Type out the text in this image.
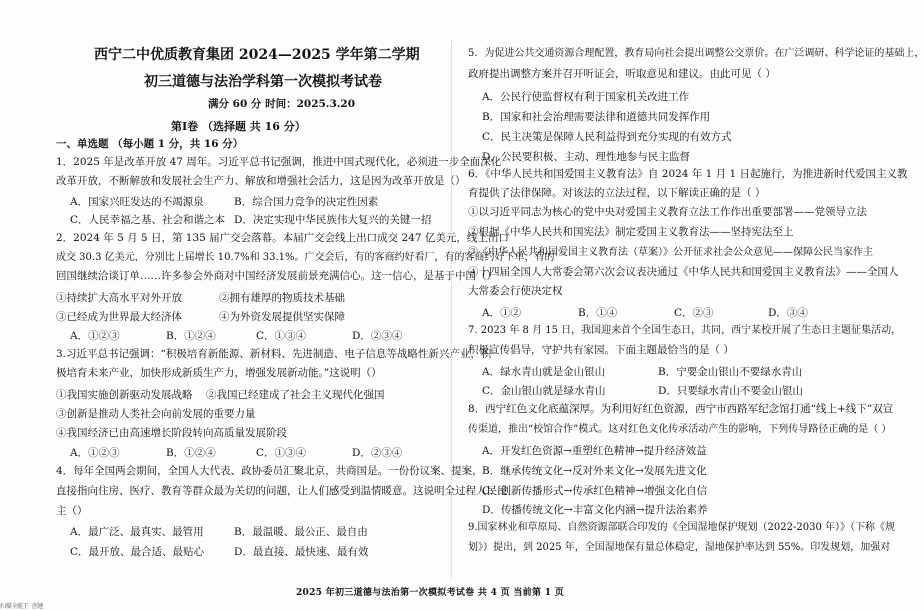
西宁二中优质教育集团 2024—2025 学年第二学期
初三道德与法治学科第一次模拟考试卷
满分 60 分 时间：2025.3.20
第Ⅰ卷 （选择题 共 16 分）
一、单选题 （每小题 1 分，共 16 分）
1．2025 年是改革开放 47 周年。习近平总书记强调，推进中国式现代化，必须进一步全面深化
改革开放，不断解放和发展社会生产力、解放和增强社会活力，这是因为改革开放是（）
A．国家兴旺发达的不竭源泉	B．综合国力竞争的决定性因素
C．人民幸福之基、社会和谐之本 D．决定实现中华民族伟大复兴的关键一招
2．2024 年 5 月 5 日，第 135 届广交会落幕。本届广交会线上出口成交 247 亿美元，线上出口
成交 30.3 亿美元，分别比上届增长 10.7%和 33.1%。广交会后，有的客商约好看厂，有的客商约好下单，有的
回国继续洽谈订单……许多参会外商对中国经济发展前景充满信心。这一信心，是基于中国（）
①持续扩大高水平对外开放	②拥有雄厚的物质技术基础
③已经成为世界最大经济体	④为外资发展提供坚实保障
A．①②③	B．①②④	C．①③④	D．②③④
3.习近平总书记强调：“积极培育新能源、新材料、先进制造、电子信息等战略性新兴产业，积
极培育未来产业，加快形成新质生产力，增强发展新动能。”这说明（）
①我国实施创新驱动发展战略 ②我国已经建成了社会主义现代化强国
③创新是推动人类社会向前发展的重要力量
④我国经济已由高速增长阶段转向高质量发展阶段
A．①②③	B．①②④	C．①③④	D．②③④
4．每年全国两会期间，全国人大代表、政协委员汇聚北京，共商国是。一份份议案、提案，
直接指向住房、医疗、教育等群众最为关切的问题，让人们感受到温情暖意。这说明全过程人民民
主（）
A．最广泛、最真实、最管用	B．最温暖、最公正、最自由
C．最开放、最合适、最贴心	D．最直接、最快速、最有效
5．为促进公共交通资源合理配置，教育局向社会提出调整公交票价。在广泛调研、科学论证的基础上，
政府提出调整方案并召开听证会，听取意见和建议。由此可见（ ）
A．公民行使监督权有利于国家机关改进工作
B．国家和社会治理需要法律和道德共同发挥作用
C．民主决策是保障人民利益得到充分实现的有效方式
D．公民要积极、主动、理性地参与民主监督
6．《中华人民共和国爱国主义教育法》自 2024 年 1 月 1 日起施行，为推进新时代爱国主义教
育提供了法律保障。对该法的立法过程，以下解读正确的是（ ）
①以习近平同志为核心的党中央对爱国主义教育立法工作作出重要部署——党领导立法
②根据《中华人民共和国宪法》制定爱国主义教育法——坚持宪法至上
③《中华人民共和国爱国主义教育法（草案）》公开征求社会公众意见——保障公民当家作主
④十四届全国人大常委会第六次会议表决通过《中华人民共和国爱国主义教育法》——全国人
大常委会行使决定权
A．①②	B．①④	C．②③	D．③④
7. 2023 年 8 月 15 日，我国迎来首个全国生态日，共同，西宁某校开展了生态日主题征集活动，
积极宣传倡导，守护共有家园。下面主题最恰当的是（ ）
A．绿水青山就是金山银山	B．宁要金山银山不要绿水青山
C．金山银山就是绿水青山	D．只要绿水青山不要金山银山
8．西宁红色文化底蕴深厚。为利用好红色资源，西宁市西路军纪念馆打通“线上+线下”双宣
传渠道，推出“校馆合作”模式。这对红色文化传承活动产生的影响，下列传导路径正确的是（ ）
A．开发红色资源→重塑红色精神→提升经济效益
B．继承传统文化→反对外来文化→发展先进文化
C．创新传播形式→传承红色精神→增强文化自信
D．传播传统文化→丰富文化内涵→提升法治素养
9.国家林业和草原局、自然资源部联合印发的《全国湿地保护规划（2022-2030 年）》（下称《规
划》）提出，到 2025 年，全国湿地保有量总体稳定，湿地保护率达到 55%。印发规划，加强对
2025 年初三道德与法治第一次模拟考试卷 共 4 页 当前第 1 页
扫描全能王 创建
